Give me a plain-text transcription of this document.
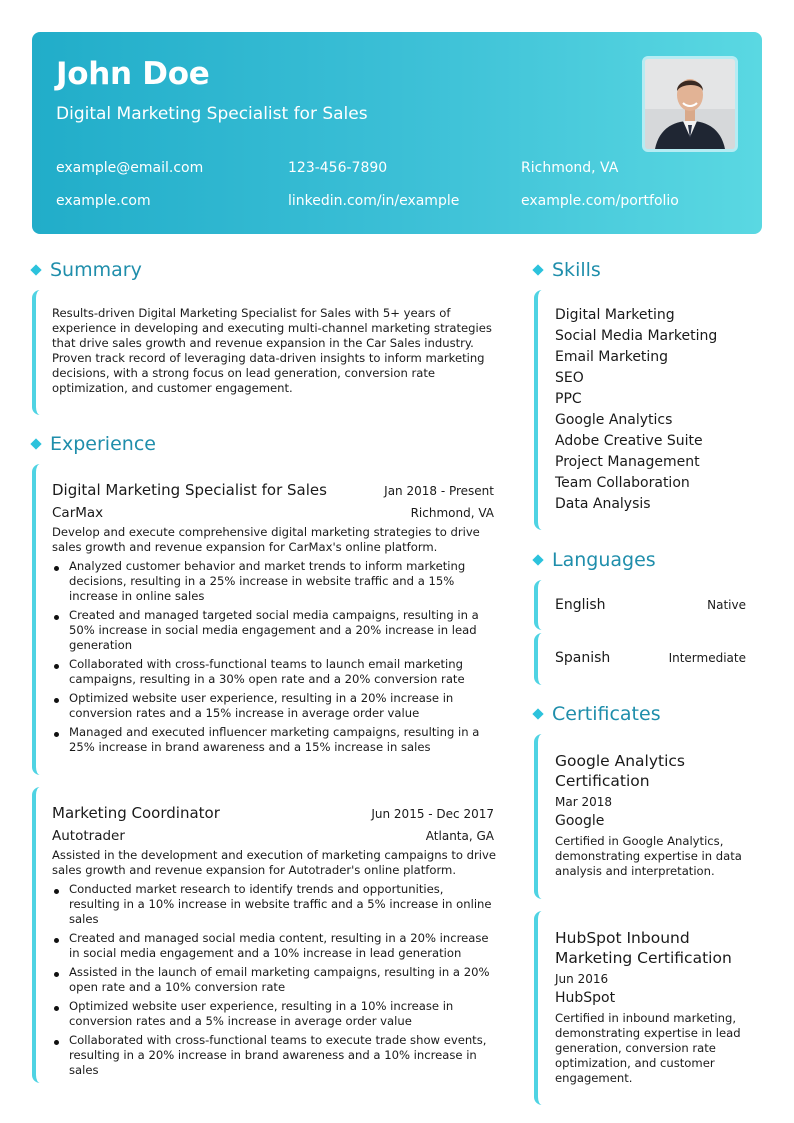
John Doe
Digital Marketing Specialist for Sales
example@email.com	123-456-7890	Richmond, VA
example.com	linkedin.com/in/example	example.com/portfolio
Summary
Results-driven Digital Marketing Specialist for Sales with 5+ years of experience in developing and executing multi-channel marketing strategies that drive sales growth and revenue expansion in the Car Sales industry. Proven track record of leveraging data-driven insights to inform marketing decisions, with a strong focus on lead generation, conversion rate optimization, and customer engagement.
Experience
Digital Marketing Specialist for Sales	Jan 2018 - Present
CarMax	Richmond, VA
Develop and execute comprehensive digital marketing strategies to drive sales growth and revenue expansion for CarMax's online platform.
Analyzed customer behavior and market trends to inform marketing decisions, resulting in a 25% increase in website traffic and a 15% increase in online sales
Created and managed targeted social media campaigns, resulting in a 50% increase in social media engagement and a 20% increase in lead generation
Collaborated with cross-functional teams to launch email marketing campaigns, resulting in a 30% open rate and a 20% conversion rate
Optimized website user experience, resulting in a 20% increase in conversion rates and a 15% increase in average order value
Managed and executed influencer marketing campaigns, resulting in a 25% increase in brand awareness and a 15% increase in sales
Marketing Coordinator	Jun 2015 - Dec 2017
Autotrader	Atlanta, GA
Assisted in the development and execution of marketing campaigns to drive sales growth and revenue expansion for Autotrader's online platform.
Conducted market research to identify trends and opportunities, resulting in a 10% increase in website traffic and a 5% increase in online sales
Created and managed social media content, resulting in a 20% increase in social media engagement and a 10% increase in lead generation
Assisted in the launch of email marketing campaigns, resulting in a 20% open rate and a 10% conversion rate
Optimized website user experience, resulting in a 10% increase in conversion rates and a 5% increase in average order value
Collaborated with cross-functional teams to execute trade show events, resulting in a 20% increase in brand awareness and a 10% increase in sales
Skills
Digital Marketing
Social Media Marketing
Email Marketing
SEO
PPC
Google Analytics
Adobe Creative Suite
Project Management
Team Collaboration
Data Analysis
Languages
English	Native
Spanish	Intermediate
Certificates
Google Analytics Certification
Mar 2018
Google
Certified in Google Analytics, demonstrating expertise in data analysis and interpretation.
HubSpot Inbound Marketing Certification
Jun 2016
HubSpot
Certified in inbound marketing, demonstrating expertise in lead generation, conversion rate optimization, and customer engagement.
